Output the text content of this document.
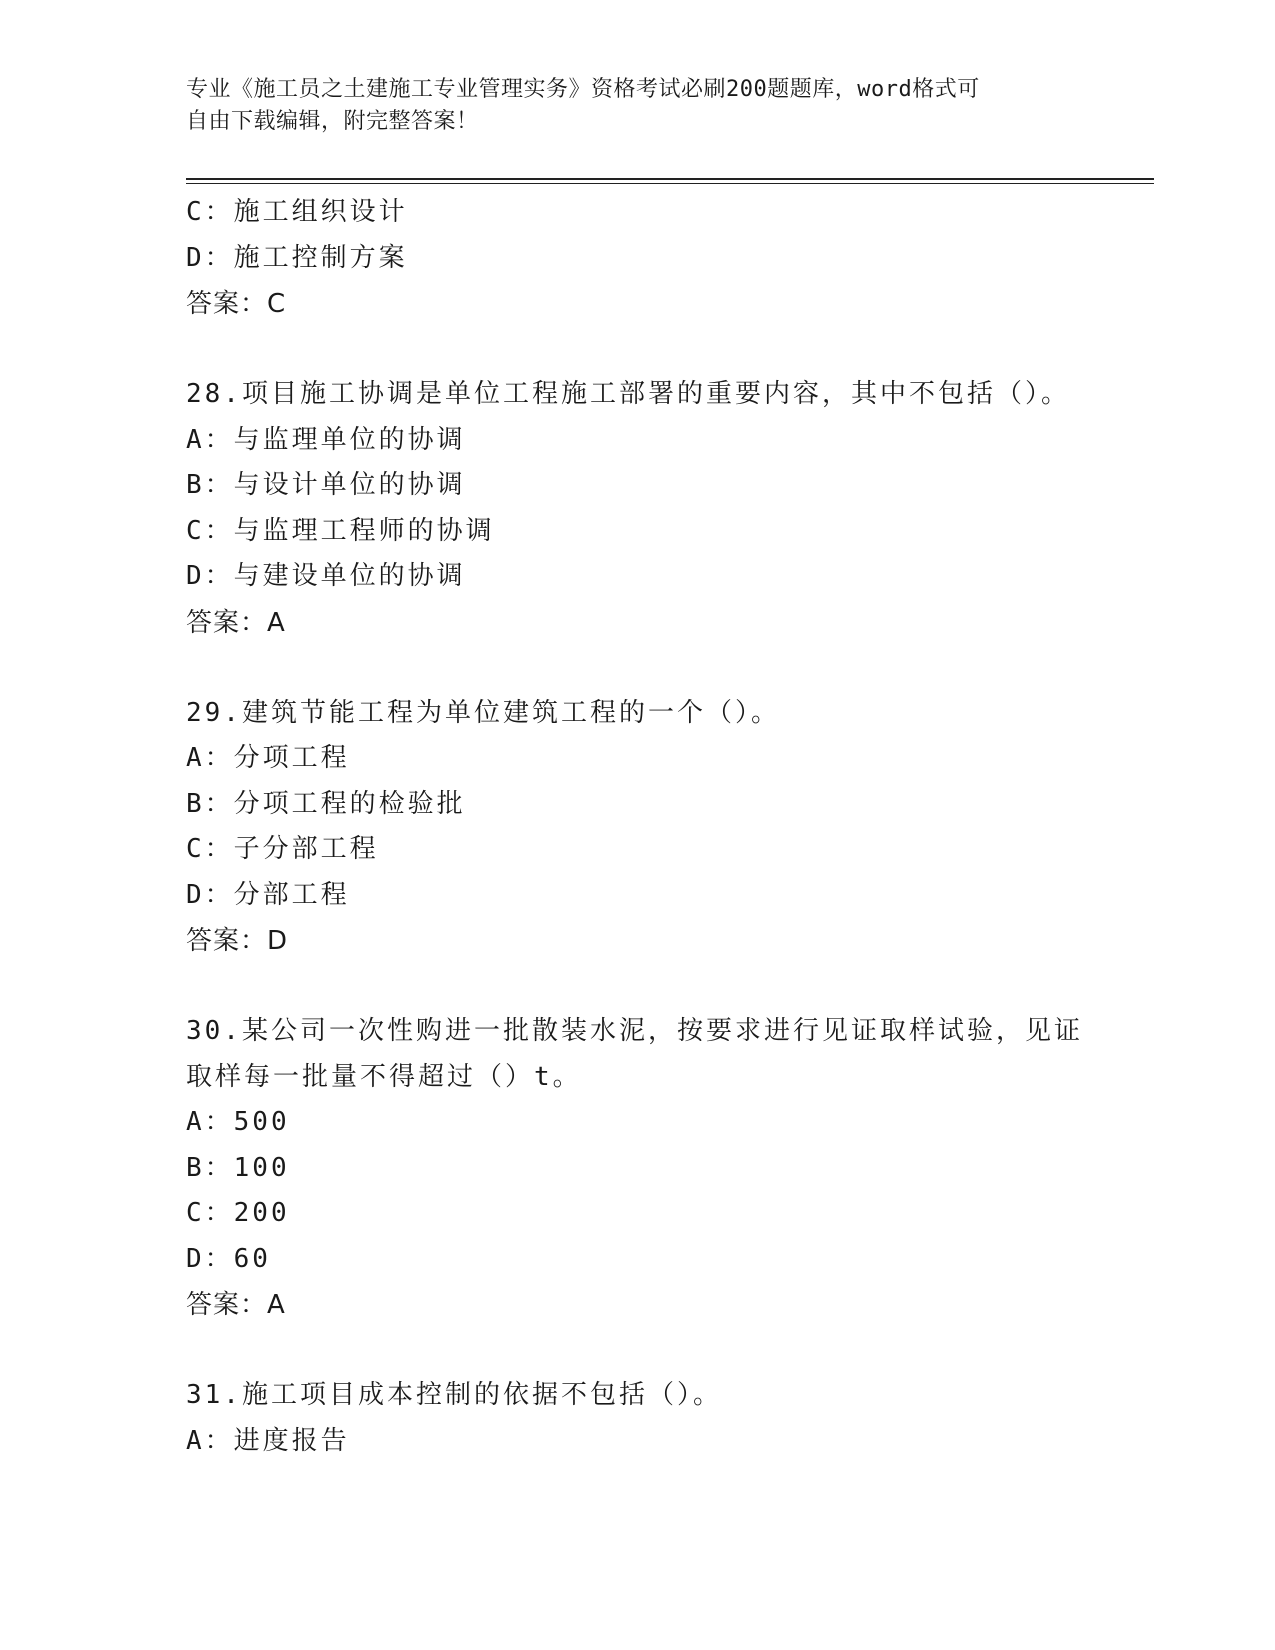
专业《施工员之土建施工专业管理实务》资格考试必刷200题题库，word格式可
自由下载编辑，附完整答案！
C：施工组织设计
D：施工控制方案
答案：C
28.项目施工协调是单位工程施工部署的重要内容，其中不包括（）。
A：与监理单位的协调
B：与设计单位的协调
C：与监理工程师的协调
D：与建设单位的协调
答案：A
29.建筑节能工程为单位建筑工程的一个（）。
A：分项工程
B：分项工程的检验批
C：子分部工程
D：分部工程
答案：D
30.某公司一次性购进一批散装水泥，按要求进行见证取样试验，见证
取样每一批量不得超过（）t。
A：500
B：100
C：200
D：60
答案：A
31.施工项目成本控制的依据不包括（）。
A：进度报告
